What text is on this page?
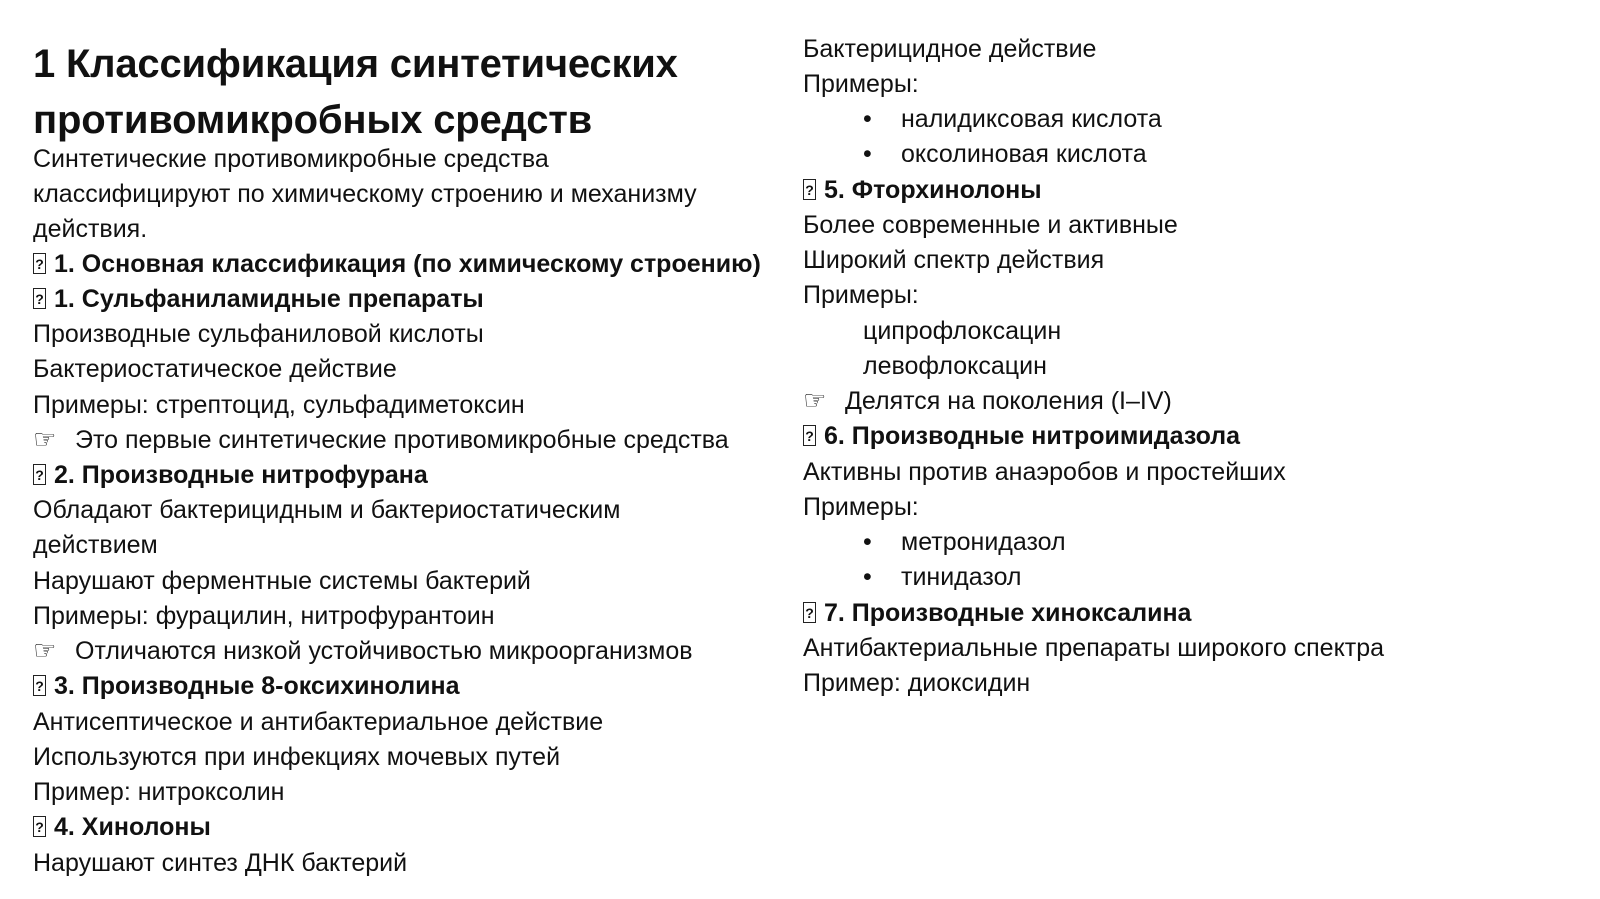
1 Классификация синтетических противомикробных средств
Синтетические противомикробные средства
классифицируют по химическому строению и механизму
действия.
?1. Основная классификация (по химическому строению)
?1. Сульфаниламидные препараты
Производные сульфаниловой кислоты
Бактериостатическое действие
Примеры: стрептоцид, сульфадиметоксин
☞ Это первые синтетические противомикробные средства
?2. Производные нитрофурана
Обладают бактерицидным и бактериостатическим
действием
Нарушают ферментные системы бактерий
Примеры: фурацилин, нитрофурантоин
☞ Отличаются низкой устойчивостью микроорганизмов
?3. Производные 8-оксихинолина
Антисептическое и антибактериальное действие
Используются при инфекциях мочевых путей
Пример: нитроксолин
?4. Хинолоны
Нарушают синтез ДНК бактерий
Бактерицидное действие
Примеры:
• налидиксовая кислота
• оксолиновая кислота
?5. Фторхинолоны
Более современные и активные
Широкий спектр действия
Примеры:
ципрофлоксацин
левофлоксацин
☞ Делятся на поколения (I–IV)
?6. Производные нитроимидазола
Активны против анаэробов и простейших
Примеры:
• метронидазол
• тинидазол
?7. Производные хиноксалина
Антибактериальные препараты широкого спектра
Пример: диоксидин
